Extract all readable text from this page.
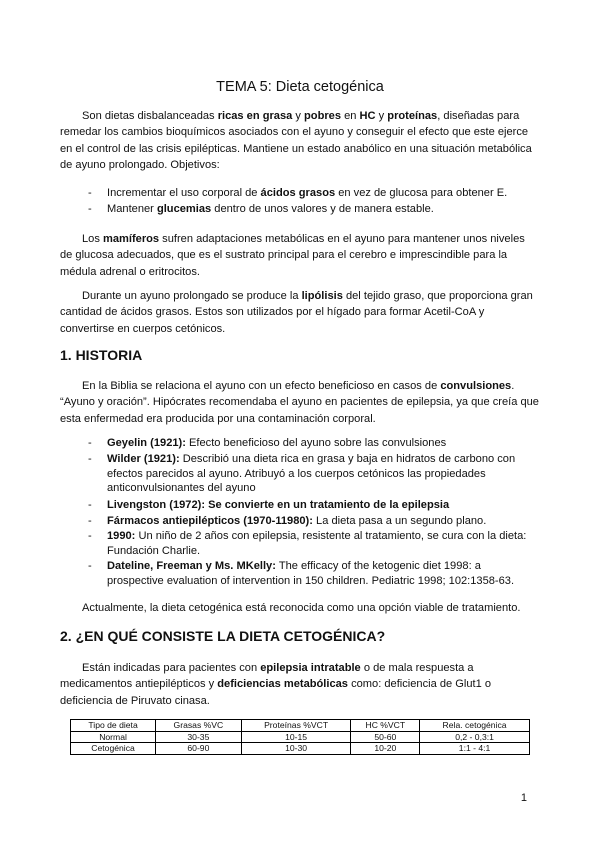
TEMA 5: Dieta cetogénica

Son dietas disbalanceadas ricas en grasa y pobres en HC y proteínas, diseñadas para remedar los cambios bioquímicos asociados con el ayuno y conseguir el efecto que este ejerce en el control de las crisis epilépticas. Mantiene un estado anabólico en una situación metabólica de ayuno prolongado. Objetivos:

- Incrementar el uso corporal de ácidos grasos en vez de glucosa para obtener E.
- Mantener glucemias dentro de unos valores y de manera estable.

Los mamíferos sufren adaptaciones metabólicas en el ayuno para mantener unos niveles de glucosa adecuados, que es el sustrato principal para el cerebro e imprescindible para la médula adrenal o eritrocitos.

Durante un ayuno prolongado se produce la lipólisis del tejido graso, que proporciona gran cantidad de ácidos grasos. Estos son utilizados por el hígado para formar Acetil-CoA y convertirse en cuerpos cetónicos.

1. HISTORIA

En la Biblia se relaciona el ayuno con un efecto beneficioso en casos de convulsiones. “Ayuno y oración”. Hipócrates recomendaba el ayuno en pacientes de epilepsia, ya que creía que esta enfermedad era producida por una contaminación corporal.

- Geyelin (1921): Efecto beneficioso del ayuno sobre las convulsiones
- Wilder (1921): Describió una dieta rica en grasa y baja en hidratos de carbono con efectos parecidos al ayuno. Atribuyó a los cuerpos cetónicos las propiedades anticonvulsionantes del ayuno
- Livengston (1972): Se convierte en un tratamiento de la epilepsia
- Fármacos antiepilépticos (1970-11980): La dieta pasa a un segundo plano.
- 1990: Un niño de 2 años con epilepsia, resistente al tratamiento, se cura con la dieta: Fundación Charlie.
- Dateline, Freeman y Ms. MKelly: The efficacy of the ketogenic diet 1998: a prospective evaluation of intervention in 150 children. Pediatric 1998; 102:1358-63.

Actualmente, la dieta cetogénica está reconocida como una opción viable de tratamiento.

2. ¿EN QUÉ CONSISTE LA DIETA CETOGÉNICA?

Están indicadas para pacientes con epilepsia intratable o de mala respuesta a medicamentos antiepilépticos y deficiencias metabólicas como: deficiencia de Glut1 o deficiencia de Piruvato cinasa.

Tipo de dieta	Grasas %VC	Proteínas %VCT	HC %VCT	Rela. cetogénica
Normal	30-35	10-15	50-60	0,2 - 0,3:1
Cetogénica	60-90	10-30	10-20	1:1 - 4:1
1
